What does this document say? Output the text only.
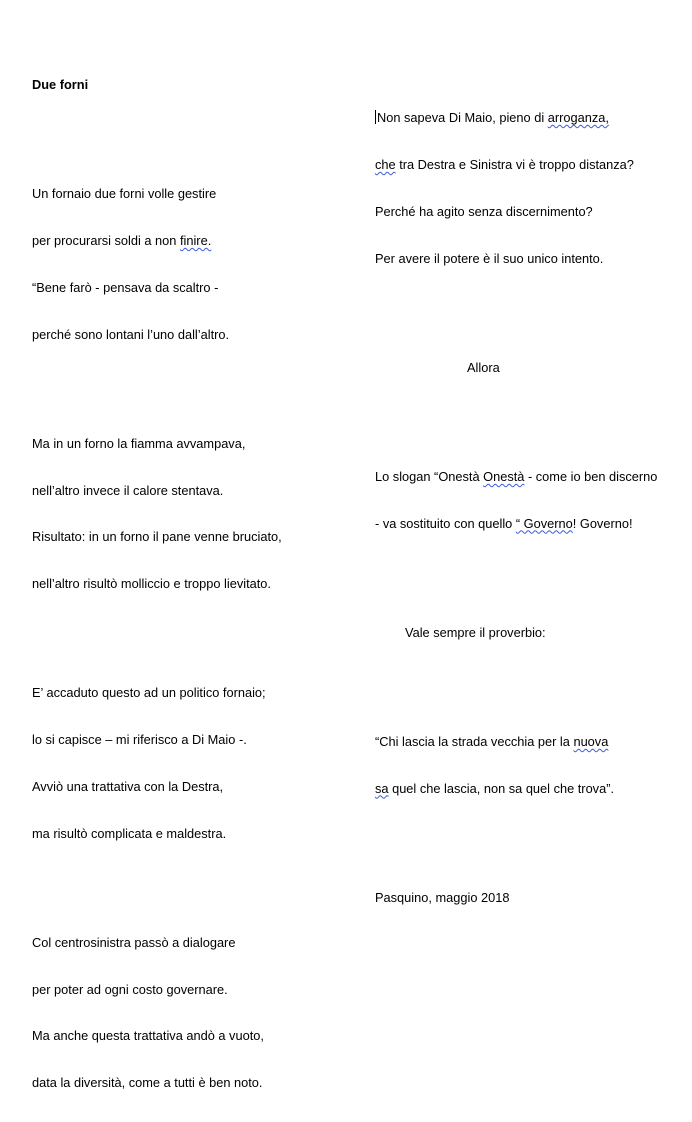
Due forni

Un fornaio due forni volle gestire

per procurarsi soldi a non finire.

“Bene farò - pensava da scaltro -

perché sono lontani l’uno dall’altro.

Ma in un forno la fiamma avvampava,

nell’altro invece il calore stentava.

Risultato: in un forno il pane venne bruciato,

nell’altro risultò molliccio e troppo lievitato.

E’ accaduto questo ad un politico fornaio;

lo si capisce – mi riferisco a Di Maio -.

Avviò una trattativa con la Destra,

ma risultò complicata e maldestra.

Col centrosinistra passò a dialogare

per poter ad ogni costo governare.

Ma anche questa trattativa andò a vuoto,

data la diversità, come a tutti è ben noto.

Non sapeva Di Maio, pieno di arroganza,

che tra Destra e Sinistra vi è troppo distanza?

Perché ha agito senza discernimento?

Per avere il potere è il suo unico intento.

Allora

Lo slogan “Onestà Onestà - come io ben discerno

- va sostituito con quello “ Governo! Governo!

Vale sempre il proverbio:

“Chi lascia la strada vecchia per la nuova

sa quel che lascia, non sa quel che trova”.

Pasquino, maggio 2018
